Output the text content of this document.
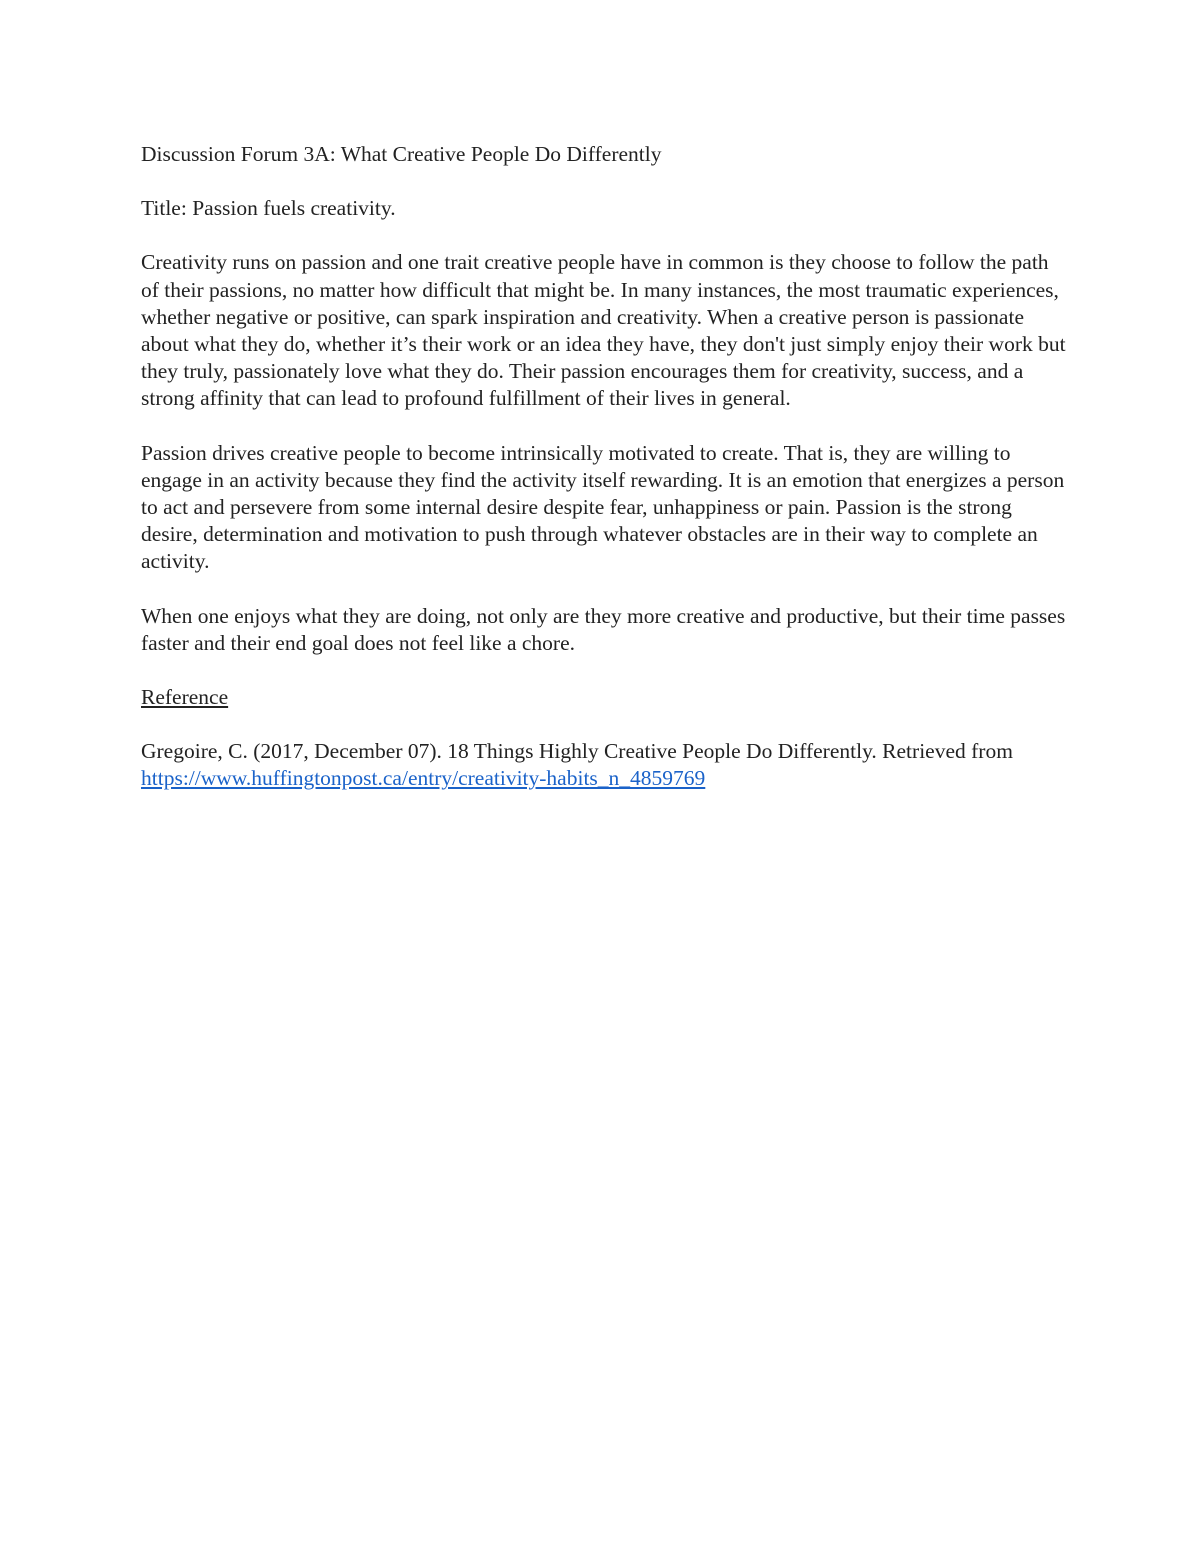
Discussion Forum 3A: What Creative People Do Differently

Title: Passion fuels creativity.

Creativity runs on passion and one trait creative people have in common is they choose to follow the path of their passions, no matter how difficult that might be. In many instances, the most traumatic experiences, whether negative or positive, can spark inspiration and creativity. When a creative person is passionate about what they do, whether it’s their work or an idea they have, they don't just simply enjoy their work but they truly, passionately love what they do. Their passion encourages them for creativity, success, and a strong affinity that can lead to profound fulfillment of their lives in general.

Passion drives creative people to become intrinsically motivated to create. That is, they are willing to engage in an activity because they find the activity itself rewarding. It is an emotion that energizes a person to act and persevere from some internal desire despite fear, unhappiness or pain. Passion is the strong desire, determination and motivation to push through whatever obstacles are in their way to complete an activity.

When one enjoys what they are doing, not only are they more creative and productive, but their time passes faster and their end goal does not feel like a chore.

Reference

Gregoire, C. (2017, December 07). 18 Things Highly Creative People Do Differently. Retrieved from https://www.huffingtonpost.ca/entry/creativity-habits_n_4859769
